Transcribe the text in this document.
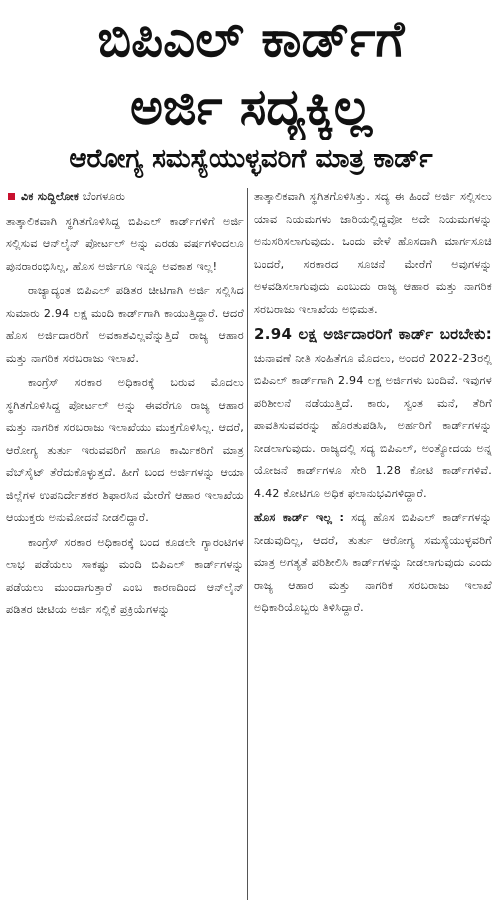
ಬಿಪಿಎಲ್ ಕಾರ್ಡ್‌ಗೆ
ಅರ್ಜಿ ಸದ್ಯಕ್ಕಿಲ್ಲ
ಆರೋಗ್ಯ ಸಮಸ್ಯೆಯುಳ್ಳವರಿಗೆ ಮಾತ್ರ ಕಾರ್ಡ್

ವಿಕ ಸುದ್ದಿಲೋಕ ಬೆಂಗಳೂರು

ತಾತ್ಕಾಲಿಕವಾಗಿ ಸ್ಥಗಿತಗೊಳಿಸಿದ್ದ ಬಿಪಿಎಲ್ ಕಾರ್ಡ್‌ಗಳಿಗೆ ಅರ್ಜಿ ಸಲ್ಲಿಸುವ ಆನ್‌ಲೈನ್ ಪೋರ್ಟಲ್ ಅನ್ನು ಎರಡು ವರ್ಷಗಳಿಂದಲೂ ಪುನರಾರಂಭಿಸಿಲ್ಲ, ಹೊಸ ಅರ್ಜಿಗೂ ಇನ್ನೂ ಅವಕಾಶ ಇಲ್ಲ!

ರಾಜ್ಯಾದ್ಯಂತ ಬಿಪಿಎಲ್ ಪಡಿತರ ಚೀಟಿಗಾಗಿ ಅರ್ಜಿ ಸಲ್ಲಿಸಿದ ಸುಮಾರು 2.94 ಲಕ್ಷ ಮಂದಿ ಕಾರ್ಡ್‌ಗಾಗಿ ಕಾಯುತ್ತಿದ್ದಾರೆ. ಆದರೆ ಹೊಸ ಅರ್ಜಿದಾರರಿಗೆ ಅವಕಾಶವಿಲ್ಲವೆನ್ನುತ್ತಿದೆ ರಾಜ್ಯ ಆಹಾರ ಮತ್ತು ನಾಗರಿಕ ಸರಬರಾಜು ಇಲಾಖೆ.

ಕಾಂಗ್ರೆಸ್ ಸರಕಾರ ಅಧಿಕಾರಕ್ಕೆ ಬರುವ ಮೊದಲು ಸ್ಥಗಿತಗೊಳಿಸಿದ್ದ ಪೋರ್ಟಲ್ ಅನ್ನು ಈವರೆಗೂ ರಾಜ್ಯ ಆಹಾರ ಮತ್ತು ನಾಗರಿಕ ಸರಬರಾಜು ಇಲಾಖೆಯು ಮುಕ್ತಗೊಳಿಸಿಲ್ಲ. ಆದರೆ, ಆರೋಗ್ಯ ತುರ್ತು ಇರುವವರಿಗೆ ಹಾಗೂ ಕಾರ್ಮಿಕರಿಗೆ ಮಾತ್ರ ವೆಬ್‌ಸೈಟ್ ತೆರೆದುಕೊಳ್ಳುತ್ತದೆ. ಹೀಗೆ ಬಂದ ಅರ್ಜಿಗಳನ್ನು ಆಯಾ ಜಿಲ್ಲೆಗಳ ಉಪನಿರ್ದೇಶಕರ ಶಿಫಾರಸಿನ ಮೇರೆಗೆ ಆಹಾರ ಇಲಾಖೆಯ ಆಯುಕ್ತರು ಅನುಮೋದನೆ ನೀಡಲಿದ್ದಾರೆ.

ಕಾಂಗ್ರೆಸ್ ಸರಕಾರ ಅಧಿಕಾರಕ್ಕೆ ಬಂದ ಕೂಡಲೇ ಗ್ಯಾರಂಟಿಗಳ ಲಾಭ ಪಡೆಯಲು ಸಾಕಷ್ಟು ಮಂದಿ ಬಿಪಿಎಲ್ ಕಾರ್ಡ್‌ಗಳನ್ನು ಪಡೆಯಲು ಮುಂದಾಗುತ್ತಾರೆ ಎಂಬ ಕಾರಣದಿಂದ ಆನ್‌ಲೈನ್ ಪಡಿತರ ಚೀಟಿಯ ಅರ್ಜಿ ಸಲ್ಲಿಕೆ ಪ್ರಕ್ರಿಯೆಗಳನ್ನು

ತಾತ್ಕಾಲಿಕವಾಗಿ ಸ್ಥಗಿತಗೊಳಿಸಿತ್ತು. ಸದ್ಯ ಈ ಹಿಂದೆ ಅರ್ಜಿ ಸಲ್ಲಿಸಲು ಯಾವ ನಿಯಮಗಳು ಜಾರಿಯಲ್ಲಿದ್ದವೋ ಅದೇ ನಿಯಮಗಳನ್ನು ಅನುಸರಿಸಲಾಗುವುದು. ಒಂದು ವೇಳೆ ಹೊಸದಾಗಿ ಮಾರ್ಗಸೂಚಿ ಬಂದರೆ, ಸರಕಾರದ ಸೂಚನೆ ಮೇರೆಗೆ ಅವುಗಳನ್ನು ಅಳವಡಿಸಲಾಗುವುದು ಎಂಬುದು ರಾಜ್ಯ ಆಹಾರ ಮತ್ತು ನಾಗರಿಕ ಸರಬರಾಜು ಇಲಾಖೆಯ ಅಭಿಮತ.

2.94 ಲಕ್ಷ ಅರ್ಜಿದಾರರಿಗೆ ಕಾರ್ಡ್ ಬರಬೇಕು: ಚುನಾವಣೆ ನೀತಿ ಸಂಹಿತೆಗೂ ಮೊದಲು, ಅಂದರೆ 2022-23ರಲ್ಲಿ ಬಿಪಿಎಲ್ ಕಾರ್ಡ್‌ಗಾಗಿ 2.94 ಲಕ್ಷ ಅರ್ಜಿಗಳು ಬಂದಿವೆ. ಇವುಗಳ ಪರಿಶೀಲನೆ ನಡೆಯುತ್ತಿದೆ. ಕಾರು, ಸ್ವಂತ ಮನೆ, ತೆರಿಗೆ ಪಾವತಿಸುವವರನ್ನು ಹೊರತುಪಡಿಸಿ, ಅರ್ಹರಿಗೆ ಕಾರ್ಡ್‌ಗಳನ್ನು ನೀಡಲಾಗುವುದು. ರಾಜ್ಯದಲ್ಲಿ ಸದ್ಯ ಬಿಪಿಎಲ್, ಅಂತ್ಯೋದಯ ಅನ್ನ ಯೋಜನೆ ಕಾರ್ಡ್‌ಗಳೂ ಸೇರಿ 1.28 ಕೋಟಿ ಕಾರ್ಡ್‌ಗಳಿವೆ. 4.42 ಕೋಟಿಗೂ ಅಧಿಕ ಫಲಾನುಭವಿಗಳಿದ್ದಾರೆ.

ಹೊಸ ಕಾರ್ಡ್ ಇಲ್ಲ : ಸದ್ಯ ಹೊಸ ಬಿಪಿಎಲ್ ಕಾರ್ಡ್‌ಗಳನ್ನು ನೀಡುವುದಿಲ್ಲ, ಆದರೆ, ತುರ್ತು ಆರೋಗ್ಯ ಸಮಸ್ಯೆಯುಳ್ಳವರಿಗೆ ಮಾತ್ರ ಅಗತ್ಯತೆ ಪರಿಶೀಲಿಸಿ ಕಾರ್ಡ್‌ಗಳನ್ನು ನೀಡಲಾಗುವುದು ಎಂದು ರಾಜ್ಯ ಆಹಾರ ಮತ್ತು ನಾಗರಿಕ ಸರಬರಾಜು ಇಲಾಖೆ ಅಧಿಕಾರಿಯೊಬ್ಬರು ತಿಳಿಸಿದ್ದಾರೆ.
